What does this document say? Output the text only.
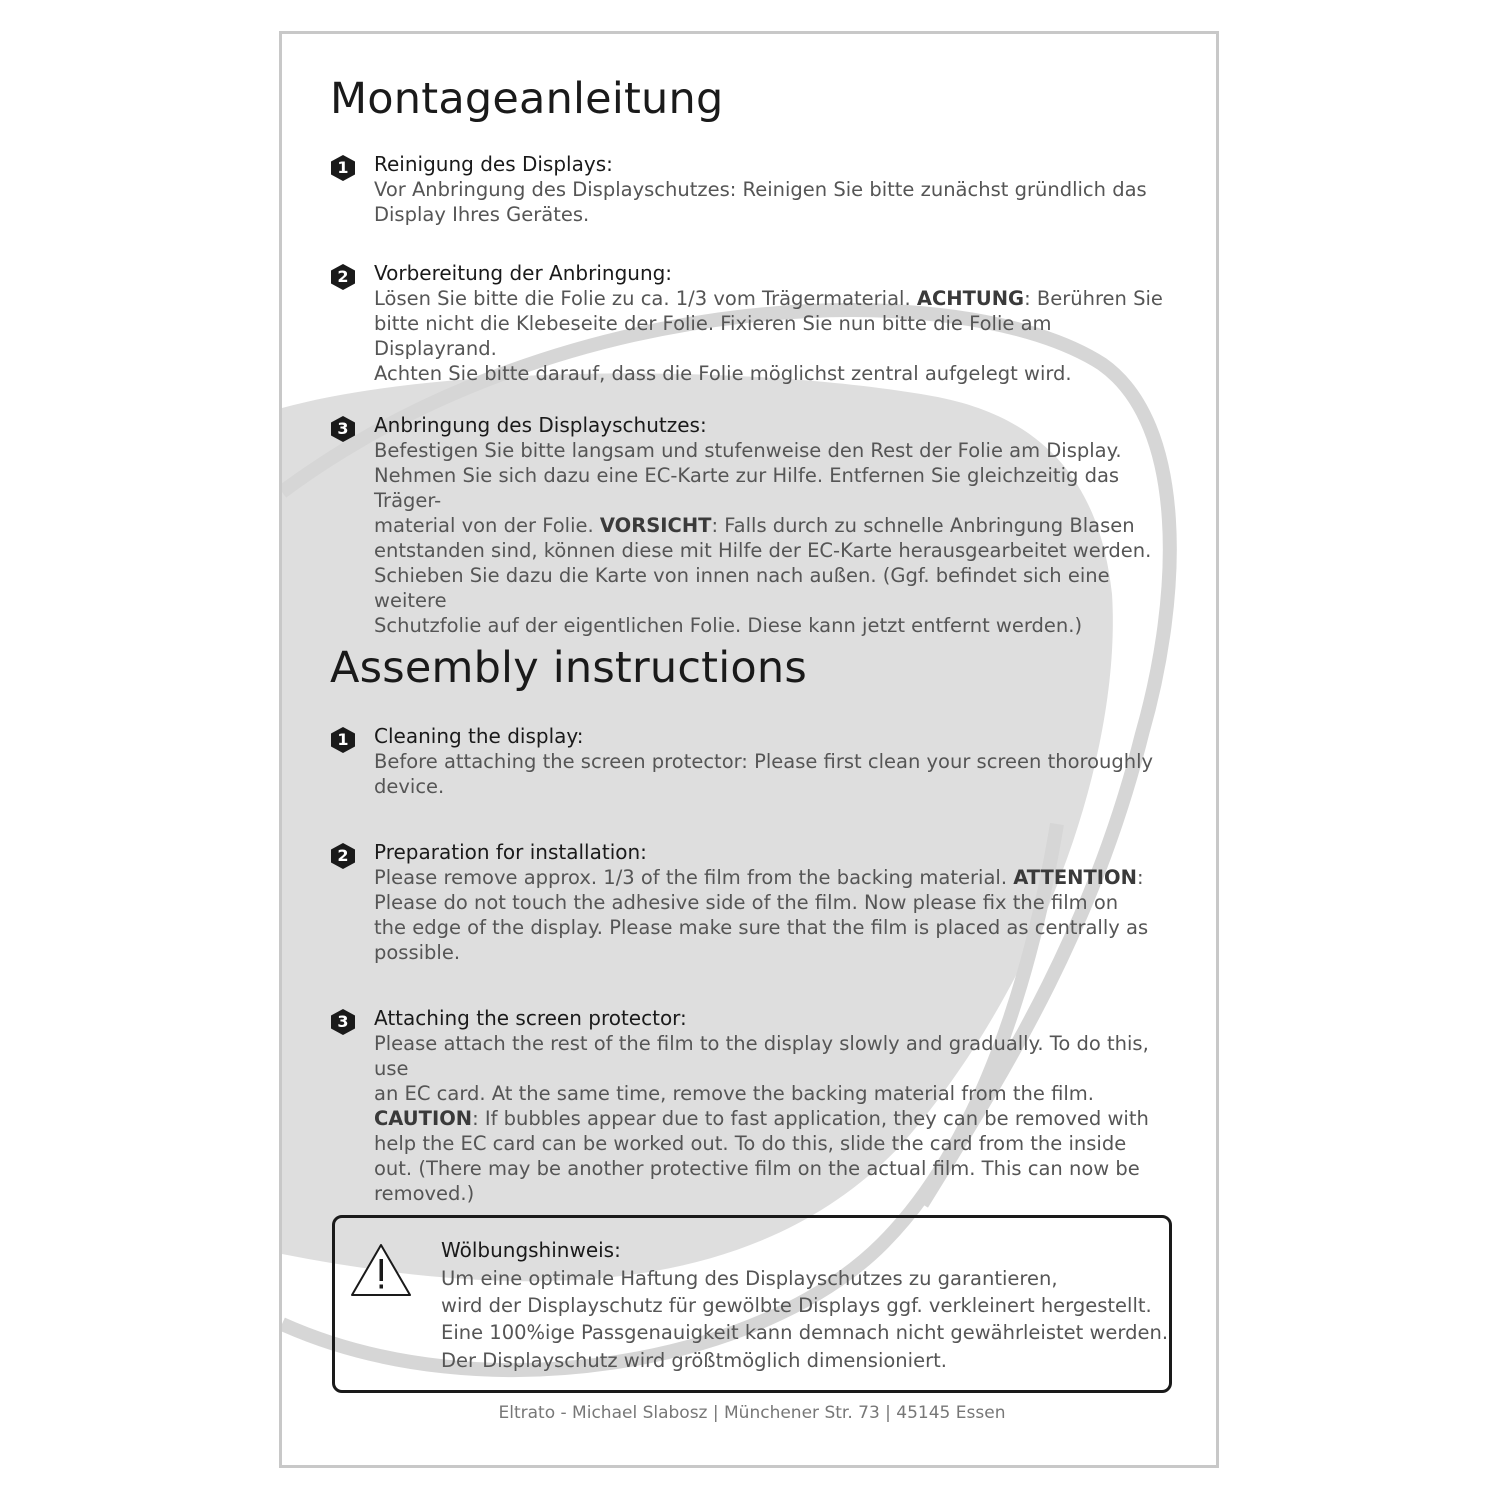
Montageanleitung
1	Reinigung des Displays:
Vor Anbringung des Displayschutzes: Reinigen Sie bitte zunächst gründlich das
Display Ihres Gerätes.
2	Vorbereitung der Anbringung:
Lösen Sie bitte die Folie zu ca. 1/3 vom Trägermaterial. ACHTUNG: Berühren Sie
bitte nicht die Klebeseite der Folie. Fixieren Sie nun bitte die Folie am Displayrand.
Achten Sie bitte darauf, dass die Folie möglichst zentral aufgelegt wird.
3	Anbringung des Displayschutzes:
Befestigen Sie bitte langsam und stufenweise den Rest der Folie am Display.
Nehmen Sie sich dazu eine EC-Karte zur Hilfe. Entfernen Sie gleichzeitig das Träger-
material von der Folie. VORSICHT: Falls durch zu schnelle Anbringung Blasen
entstanden sind, können diese mit Hilfe der EC-Karte herausgearbeitet werden.
Schieben Sie dazu die Karte von innen nach außen. (Ggf. befindet sich eine weitere
Schutzfolie auf der eigentlichen Folie. Diese kann jetzt entfernt werden.)
Assembly instructions
1	Cleaning the display:
Before attaching the screen protector: Please first clean your screen thoroughly
device.
2	Preparation for installation:
Please remove approx. 1/3 of the film from the backing material. ATTENTION:
Please do not touch the adhesive side of the film. Now please fix the film on
the edge of the display. Please make sure that the film is placed as centrally as
possible.
3	Attaching the screen protector:
Please attach the rest of the film to the display slowly and gradually. To do this, use
an EC card. At the same time, remove the backing material from the film.
CAUTION: If bubbles appear due to fast application, they can be removed with
help the EC card can be worked out. To do this, slide the card from the inside
out. (There may be another protective film on the actual film. This can now be
removed.)
Wölbungshinweis:
Um eine optimale Haftung des Displayschutzes zu garantieren,
wird der Displayschutz für gewölbte Displays ggf. verkleinert hergestellt.
Eine 100%ige Passgenauigkeit kann demnach nicht gewährleistet werden.
Der Displayschutz wird größtmöglich dimensioniert.
Eltrato - Michael Slabosz | Münchener Str. 73 | 45145 Essen
